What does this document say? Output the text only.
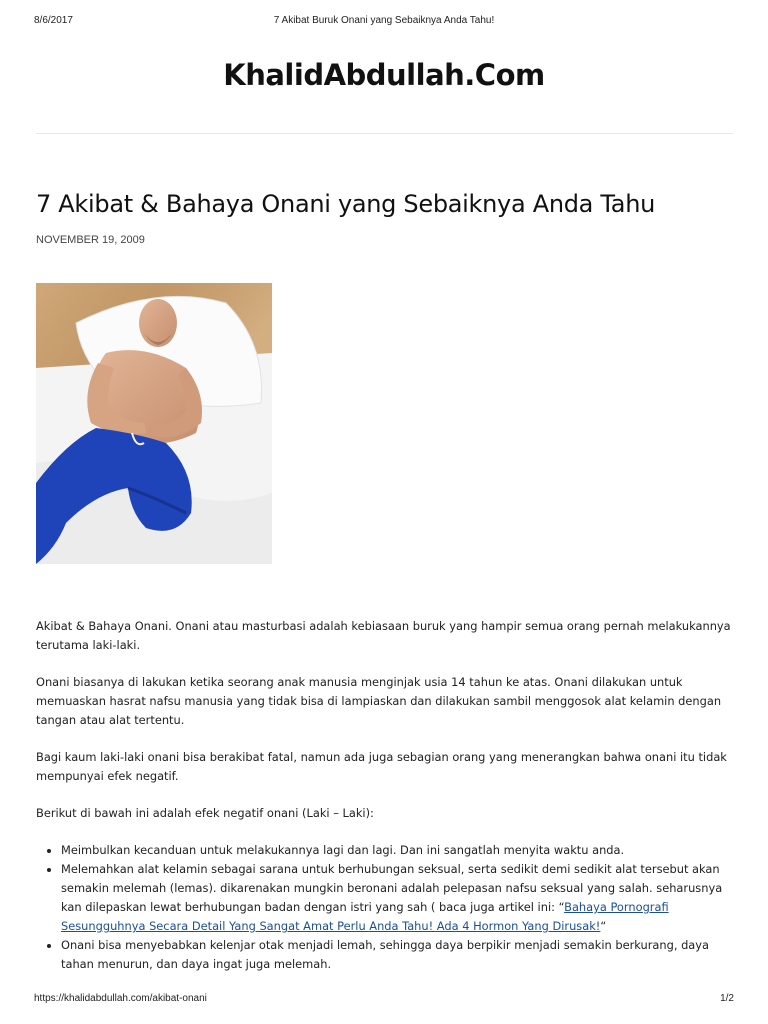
8/6/2017	7 Akibat Buruk Onani yang Sebaiknya Anda Tahu!
KhalidAbdullah.Com
7 Akibat & Bahaya Onani yang Sebaiknya Anda Tahu
NOVEMBER 19, 2009

Akibat & Bahaya Onani. Onani atau masturbasi adalah kebiasaan buruk yang hampir semua orang pernah melakukannya terutama laki-laki.

Onani biasanya di lakukan ketika seorang anak manusia menginjak usia 14 tahun ke atas. Onani dilakukan untuk memuaskan hasrat nafsu manusia yang tidak bisa di lampiaskan dan dilakukan sambil menggosok alat kelamin dengan tangan atau alat tertentu.

Bagi kaum laki-laki onani bisa berakibat fatal, namun ada juga sebagian orang yang menerangkan bahwa onani itu tidak mempunyai efek negatif.

Berikut di bawah ini adalah efek negatif onani (Laki – Laki):

• Meimbulkan kecanduan untuk melakukannya lagi dan lagi. Dan ini sangatlah menyita waktu anda.
• Melemahkan alat kelamin sebagai sarana untuk berhubungan seksual, serta sedikit demi sedikit alat tersebut akan semakin melemah (lemas). dikarenakan mungkin beronani adalah pelepasan nafsu seksual yang salah. seharusnya kan dilepaskan lewat berhubungan badan dengan istri yang sah ( baca juga artikel ini: “Bahaya Pornografi Sesungguhnya Secara Detail Yang Sangat Amat Perlu Anda Tahu! Ada 4 Hormon Yang Dirusak!“
• Onani bisa menyebabkan kelenjar otak menjadi lemah, sehingga daya berpikir menjadi semakin berkurang, daya tahan menurun, dan daya ingat juga melemah.
https://khalidabdullah.com/akibat-onani	1/2
